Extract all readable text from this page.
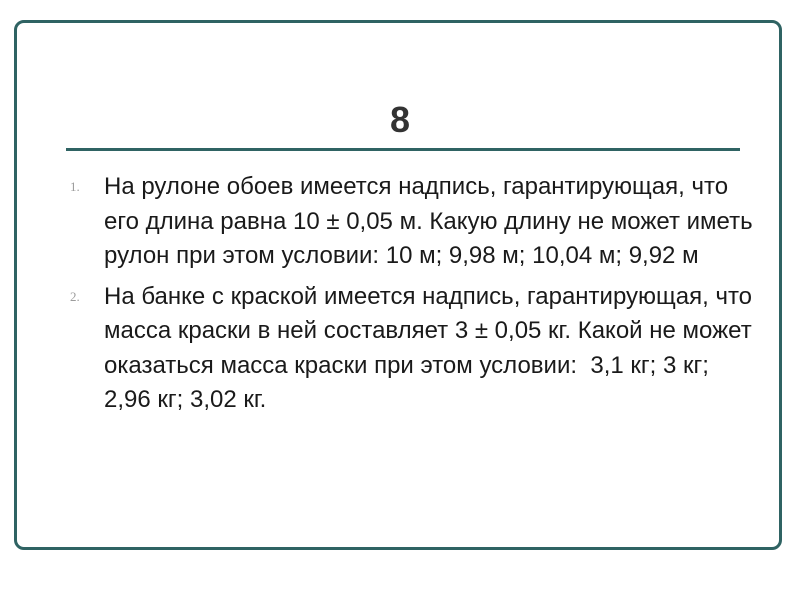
8
1. На рулоне обоев имеется надпись, гарантирующая, что его длина равна 10 ± 0,05 м. Какую длину не может иметь рулон при этом условии: 10 м; 9,98 м; 10,04 м; 9,92 м
2. На банке с краской имеется надпись, гарантирующая, что масса краски в ней составляет 3 ± 0,05 кг. Какой не может оказаться масса краски при этом условии:  3,1 кг; 3 кг; 2,96 кг; 3,02 кг.
